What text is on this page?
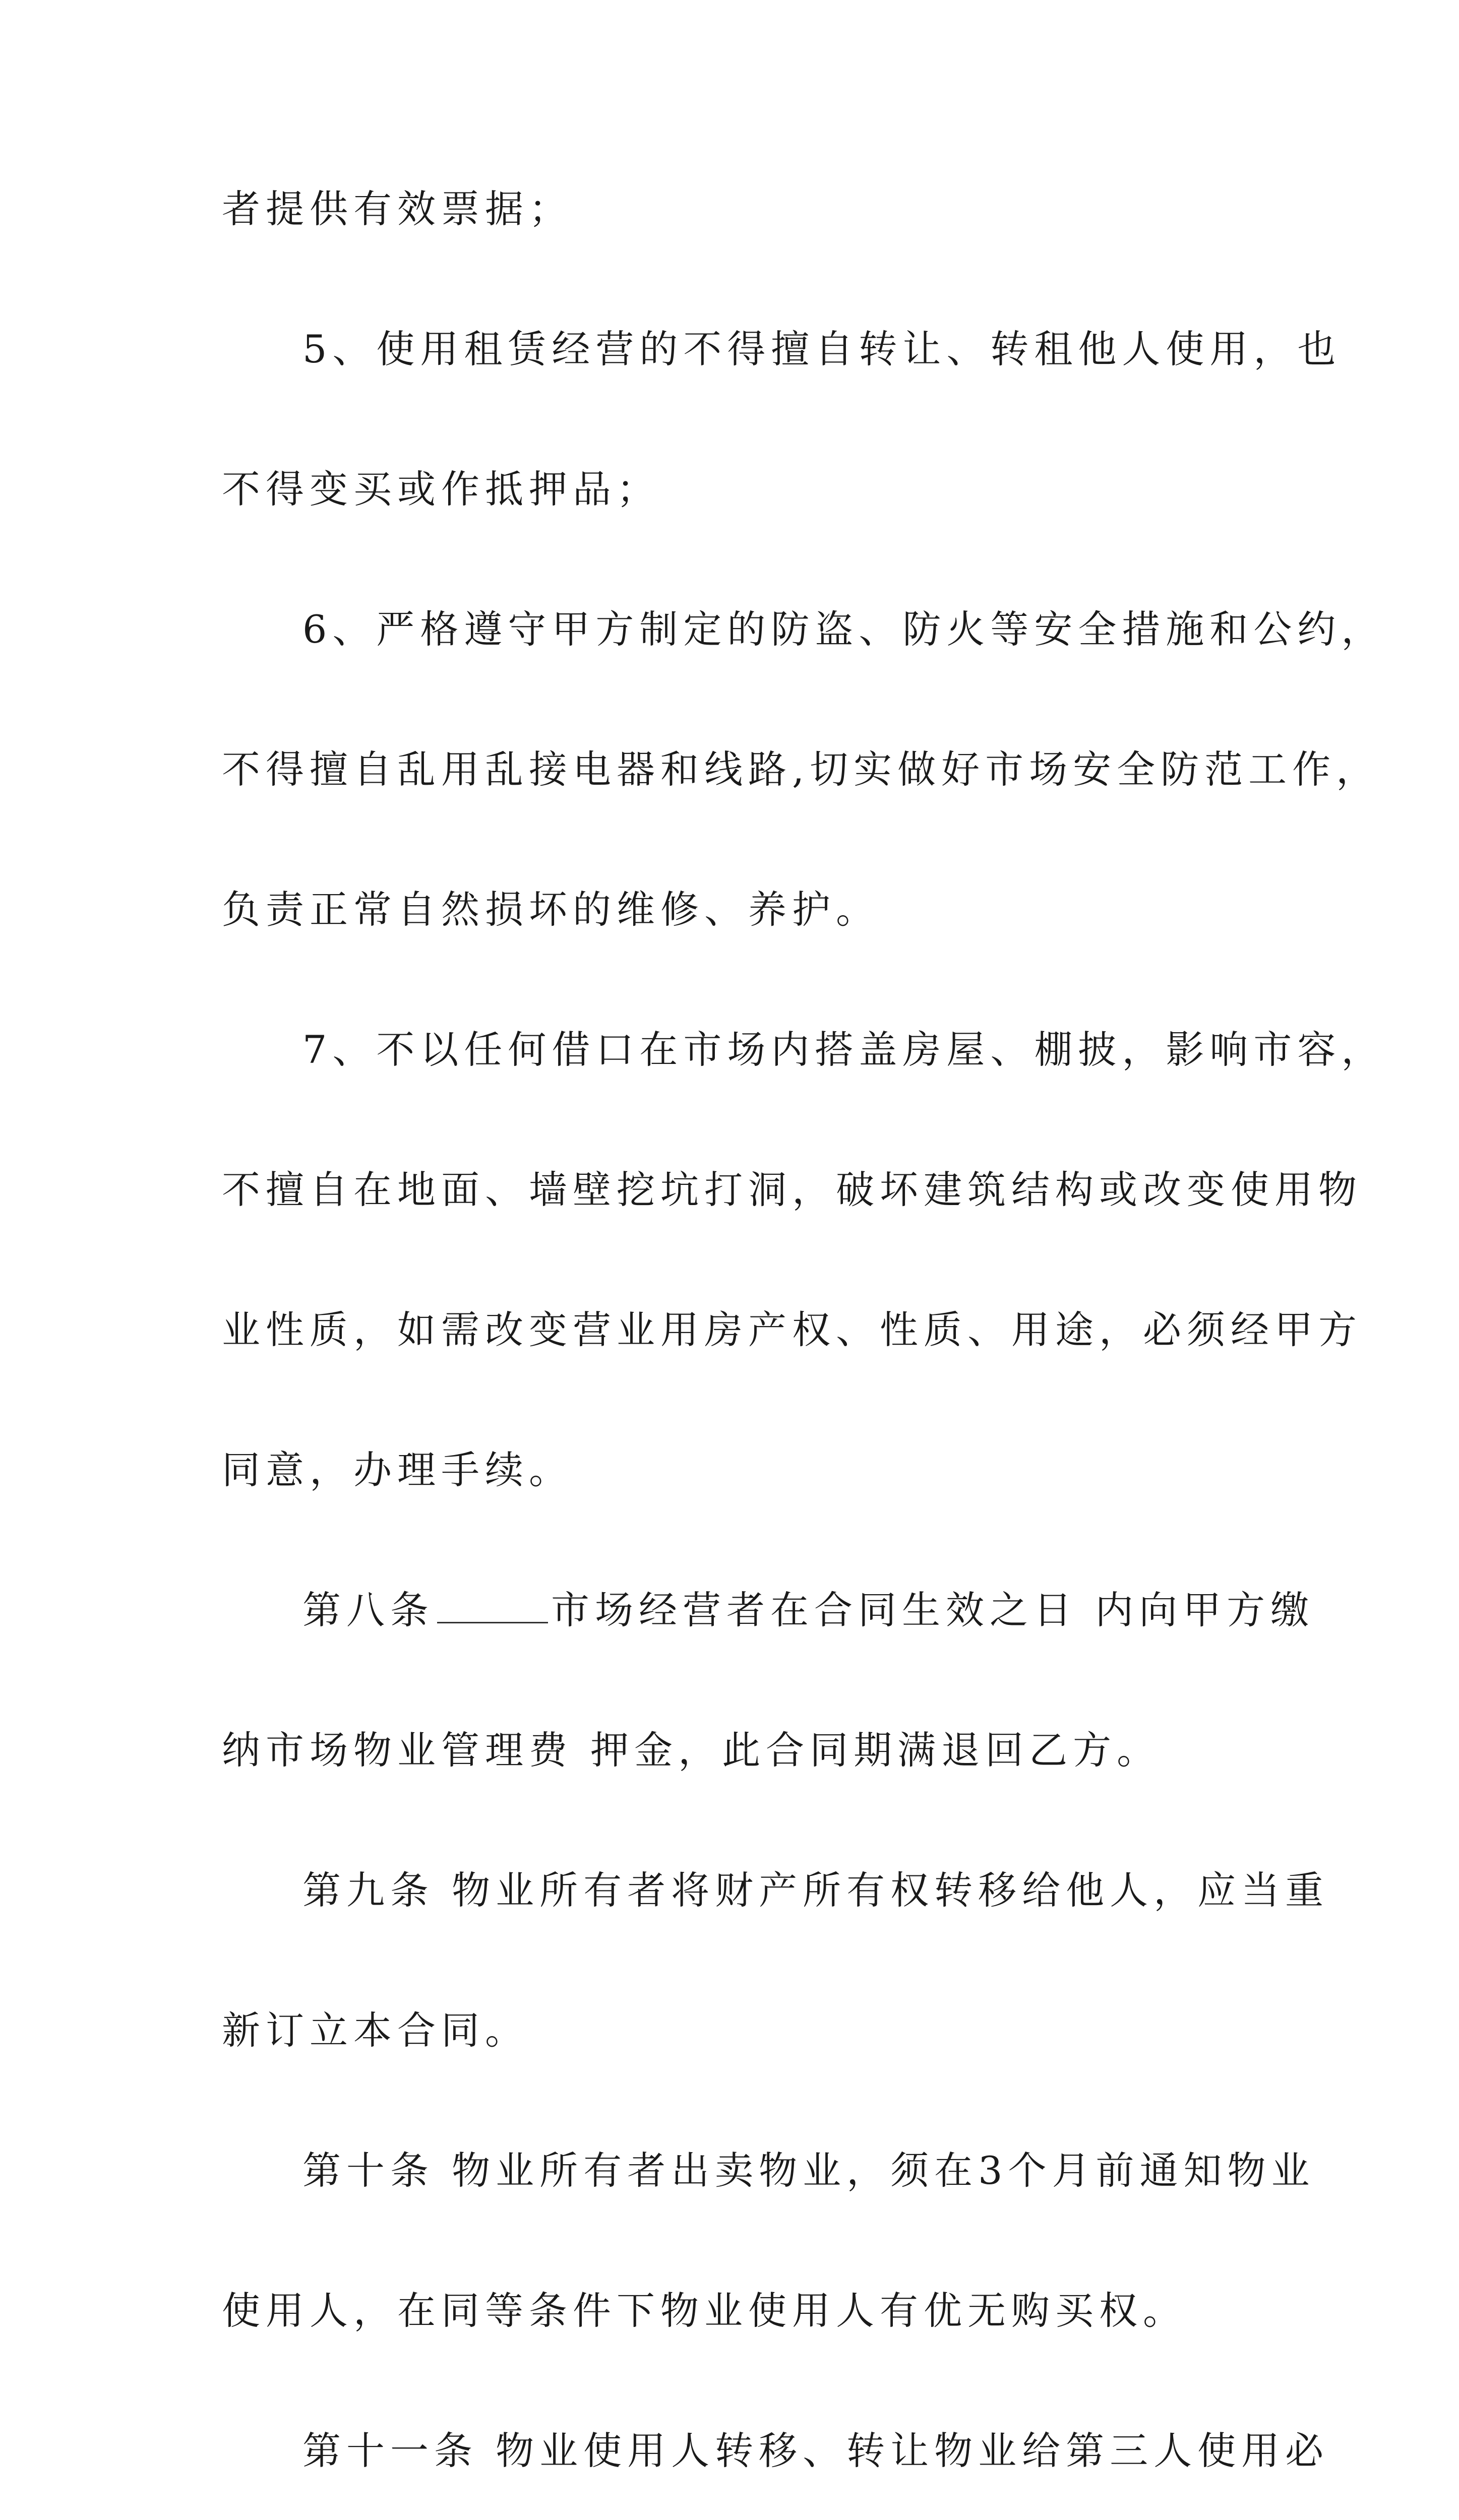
者提供有效票据；
5、使用租赁经营的不得擅自转让、转租他人使用，也
不得变买或作抵押品；
6、严格遵守甲方制定的防盗、防火等安全措施和公约，
不得擅自乱用乱接电器和线路,切实做好市场安全防范工作，
负责正常自然损坏的维修、养护。
7、不以任何借口在市场内搭盖房屋、棚披，影响市容，
不擅自在地面、墙壁挖坑打洞，破坏建筑结构或改变使用物
业性质，如需改变营业用房产权、性质、用途，必须经甲方
同意，办理手续。
第八条	市场经营者在合同生效之日 内向甲方缴
纳市场物业管理费 押金，此合同期满退回乙方。
第九条 物业所有者将财产所有权转移给他人，应当重
新订立本合同。
第十条 物业所有者出卖物业，须在3个月前通知物业
使用人，在同等条件下物业使用人有优无购买权。
第十一条 物业使用人转移、转让物业给第三人使用必
